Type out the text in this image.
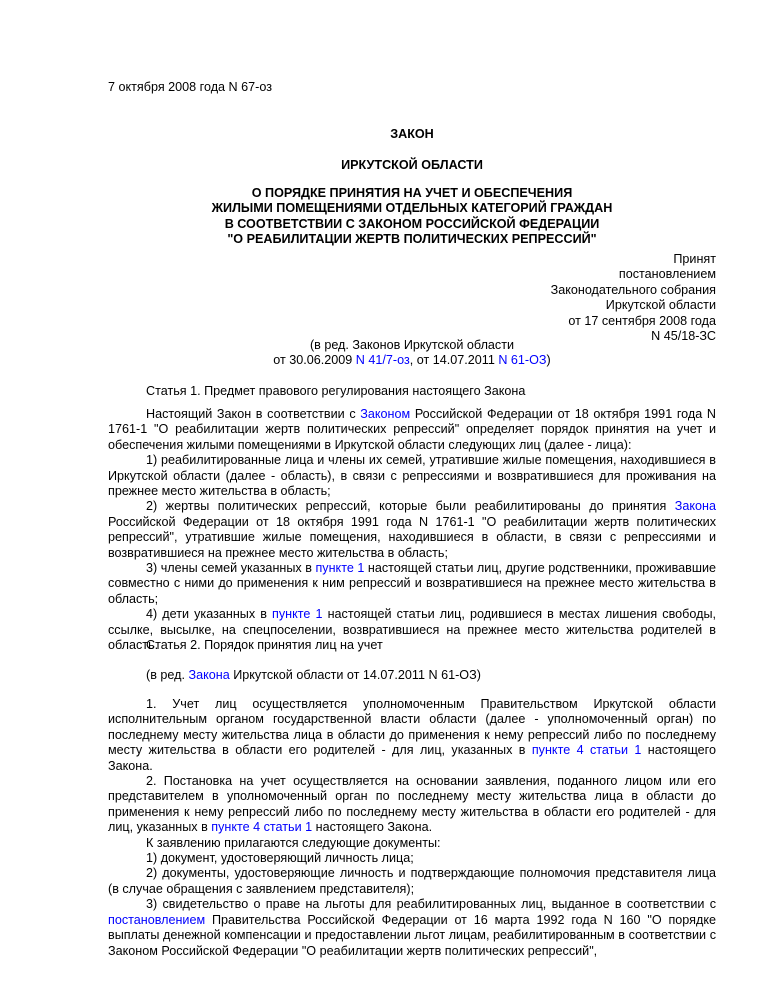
7 октября 2008 года N 67-оз
ЗАКОН
ИРКУТСКОЙ ОБЛАСТИ
О ПОРЯДКЕ ПРИНЯТИЯ НА УЧЕТ И ОБЕСПЕЧЕНИЯ
ЖИЛЫМИ ПОМЕЩЕНИЯМИ ОТДЕЛЬНЫХ КАТЕГОРИЙ ГРАЖДАН
В СООТВЕТСТВИИ С ЗАКОНОМ РОССИЙСКОЙ ФЕДЕРАЦИИ
"О РЕАБИЛИТАЦИИ ЖЕРТВ ПОЛИТИЧЕСКИХ РЕПРЕССИЙ"
Принят
постановлением
Законодательного собрания
Иркутской области
от 17 сентября 2008 года
N 45/18-ЗС
(в ред. Законов Иркутской области
от 30.06.2009 N 41/7-оз, от 14.07.2011 N 61-ОЗ)
Статья 1. Предмет правового регулирования настоящего Закона

Настоящий Закон в соответствии с Законом Российской Федерации от 18 октября 1991 года N 1761-1 "О реабилитации жертв политических репрессий" определяет порядок принятия на учет и обеспечения жилыми помещениями в Иркутской области следующих лиц (далее - лица):

1) реабилитированные лица и члены их семей, утратившие жилые помещения, находившиеся в Иркутской области (далее - область), в связи с репрессиями и возвратившиеся для проживания на прежнее место жительства в область;

2) жертвы политических репрессий, которые были реабилитированы до принятия Закона Российской Федерации от 18 октября 1991 года N 1761-1 "О реабилитации жертв политических репрессий", утратившие жилые помещения, находившиеся в области, в связи с репрессиями и возвратившиеся на прежнее место жительства в область;

3) члены семей указанных в пункте 1 настоящей статьи лиц, другие родственники, проживавшие совместно с ними до применения к ним репрессий и возвратившиеся на прежнее место жительства в область;

4) дети указанных в пункте 1 настоящей статьи лиц, родившиеся в местах лишения свободы, ссылке, высылке, на спецпоселении, возвратившиеся на прежнее место жительства родителей в область.

Статья 2. Порядок принятия лиц на учет
(в ред. Закона Иркутской области от 14.07.2011 N 61-ОЗ)

1. Учет лиц осуществляется уполномоченным Правительством Иркутской области исполнительным органом государственной власти области (далее - уполномоченный орган) по последнему месту жительства лица в области до применения к нему репрессий либо по последнему месту жительства в области его родителей - для лиц, указанных в пункте 4 статьи 1 настоящего Закона.

2. Постановка на учет осуществляется на основании заявления, поданного лицом или его представителем в уполномоченный орган по последнему месту жительства лица в области до применения к нему репрессий либо по последнему месту жительства в области его родителей - для лиц, указанных в пункте 4 статьи 1 настоящего Закона.

К заявлению прилагаются следующие документы:

1) документ, удостоверяющий личность лица;

2) документы, удостоверяющие личность и подтверждающие полномочия представителя лица (в случае обращения с заявлением представителя);

3) свидетельство о праве на льготы для реабилитированных лиц, выданное в соответствии с постановлением Правительства Российской Федерации от 16 марта 1992 года N 160 "О порядке выплаты денежной компенсации и предоставлении льгот лицам, реабилитированным в соответствии с Законом Российской Федерации "О реабилитации жертв политических репрессий",
